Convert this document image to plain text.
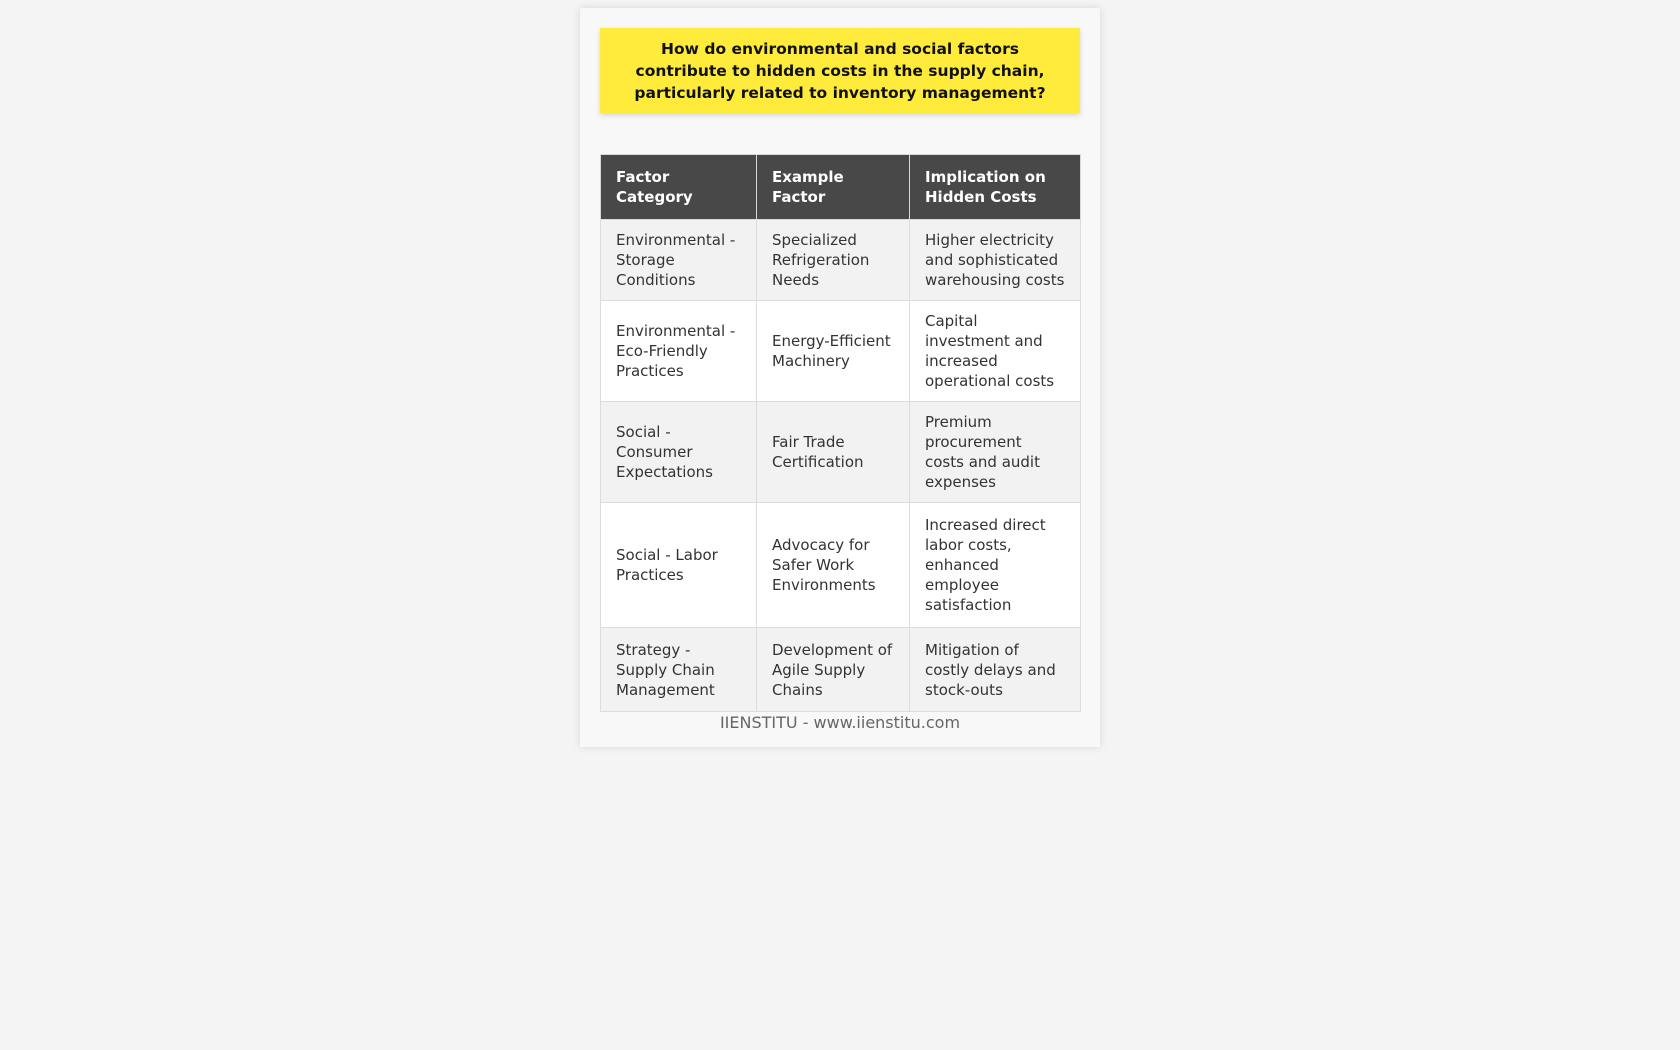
How do environmental and social factors contribute to hidden costs in the supply chain, particularly related to inventory management?
Factor Category	Example Factor	Implication on Hidden Costs
Environmental - Storage Conditions	Specialized Refrigeration Needs	Higher electricity and sophisticated warehousing costs
Environmental - Eco-Friendly Practices	Energy-Efficient Machinery	Capital investment and increased operational costs
Social - Consumer Expectations	Fair Trade Certification	Premium procurement costs and audit expenses
Social - Labor Practices	Advocacy for Safer Work Environments	Increased direct labor costs, enhanced employee satisfaction
Strategy - Supply Chain Management	Development of Agile Supply Chains	Mitigation of costly delays and stock-outs
IIENSTITU - www.iienstitu.com
